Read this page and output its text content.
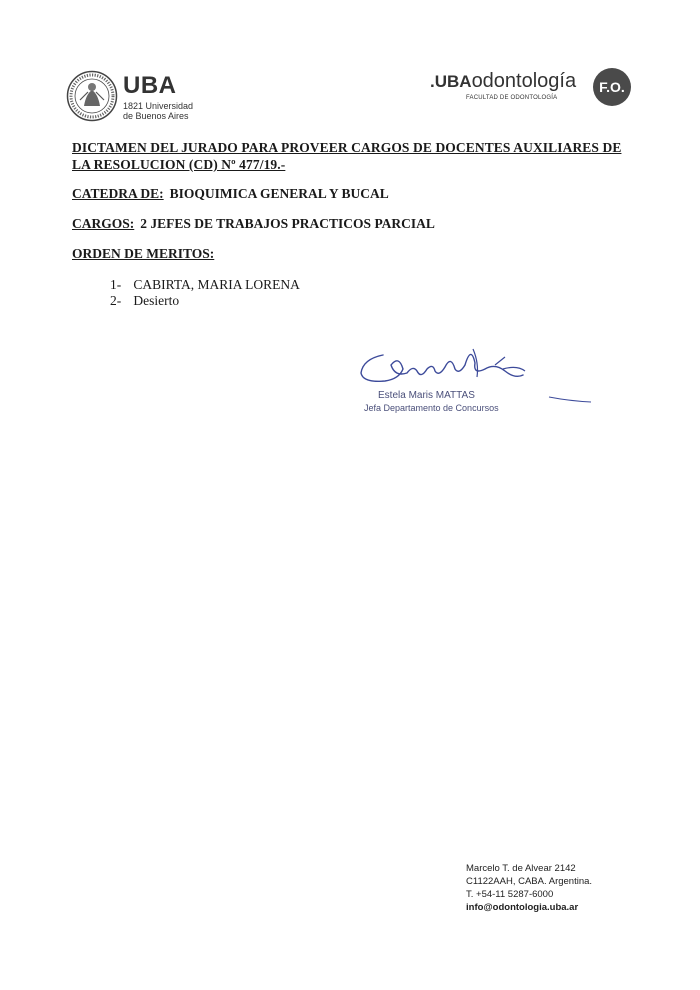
UBA
1821 Universidad
de Buenos Aires
.UBAodontología
FACULTAD DE ODONTOLOGÍA
F.O.
DICTAMEN DEL JURADO PARA PROVEER CARGOS DE DOCENTES AUXILIARES DE LA RESOLUCION (CD) Nº 477/19.-
CATEDRA DE: BIOQUIMICA GENERAL Y BUCAL
CARGOS: 2 JEFES DE TRABAJOS PRACTICOS PARCIAL
ORDEN DE MERITOS:
1- CABIRTA, MARIA LORENA
2- Desierto
Estela Maris MATTAS
Jefa Departamento de Concursos
Marcelo T. de Alvear 2142
C1122AAH, CABA. Argentina.
T. +54-11 5287-6000
info@odontologia.uba.ar
